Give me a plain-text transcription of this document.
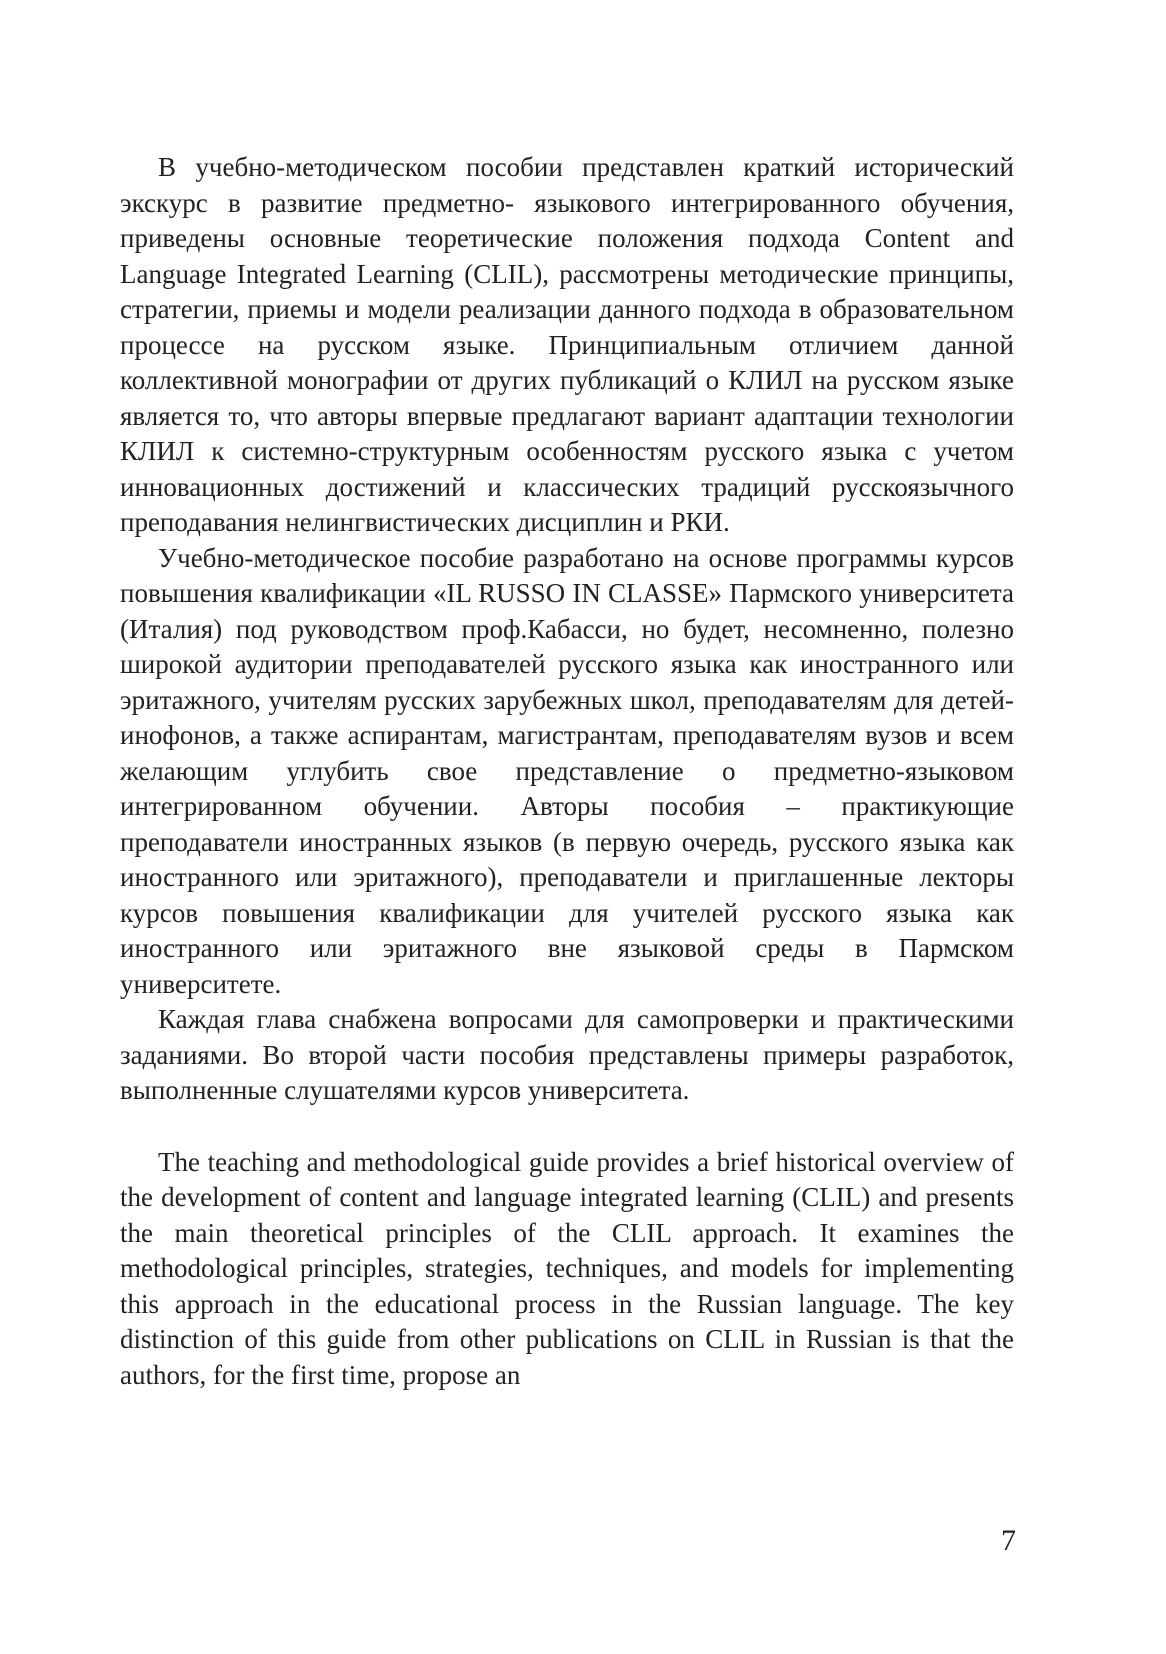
В учебно-методическом пособии представлен краткий исторический экскурс в развитие предметно- языкового интегрированного обучения, приведены основные теоретические положения подхода Content and Language Integrated Learning (CLIL), рассмотрены методические принципы, стратегии, приемы и модели реализации данного подхода в образовательном процессе на русском языке. Принципиальным отличием данной коллективной монографии от других публикаций о КЛИЛ на русском языке является то, что авторы впервые предлагают вариант адаптации технологии КЛИЛ к системно-структурным особенностям русского языка с учетом инновационных достижений и классических традиций русскоязычного преподавания нелингвистических дисциплин и РКИ.

Учебно-методическое пособие разработано на основе программы курсов повышения квалификации «IL RUSSO IN CLASSE» Пармского университета (Италия) под руководством проф.Кабасси, но будет, несомненно, полезно широкой аудитории преподавателей русского языка как иностранного или эритажного, учителям русских зарубежных школ, преподавателям для детей-инофонов, а также аспирантам, магистрантам, преподавателям вузов и всем желающим углубить свое представление о предметно-языковом интегрированном обучении. Авторы пособия – практикующие преподаватели иностранных языков (в первую очередь, русского языка как иностранного или эритажного), преподаватели и приглашенные лекторы курсов повышения квалификации для учителей русского языка как иностранного или эритажного вне языковой среды в Пармском университете.

Каждая глава снабжена вопросами для самопроверки и практическими заданиями. Во второй части пособия представлены примеры разработок, выполненные слушателями курсов университета.

The teaching and methodological guide provides a brief historical overview of the development of content and language integrated learning (CLIL) and presents the main theoretical principles of the CLIL approach. It examines the methodological principles, strategies, techniques, and models for implementing this approach in the educational process in the Russian language. The key distinction of this guide from other publications on CLIL in Russian is that the authors, for the first time, propose an

7
